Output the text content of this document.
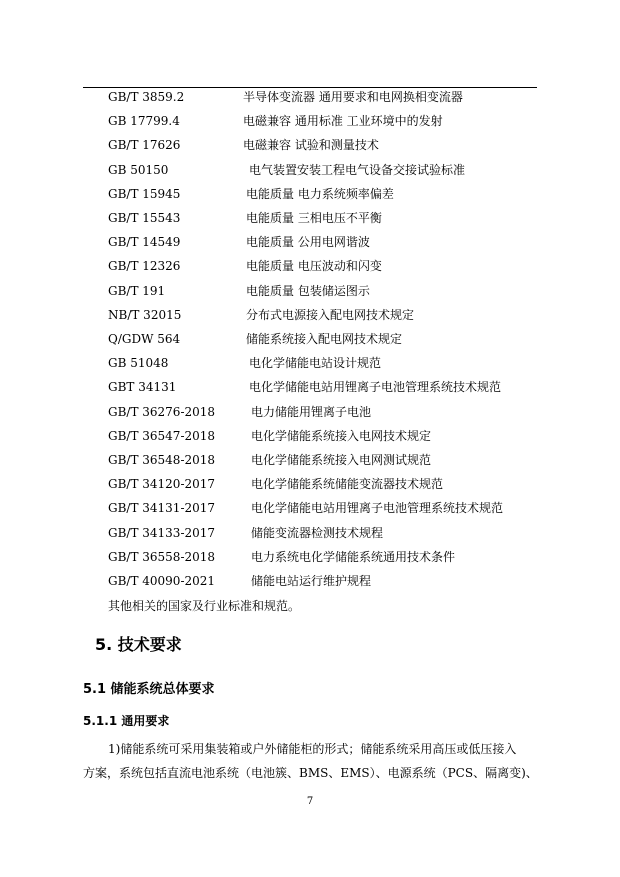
GB/T 3859.2	半导体变流器 通用要求和电网换相变流器
GB 17799.4	电磁兼容 通用标准 工业环境中的发射
GB/T 17626	电磁兼容 试验和测量技术
GB 50150	电气装置安装工程电气设备交接试验标准
GB/T 15945	电能质量 电力系统频率偏差
GB/T 15543	电能质量 三相电压不平衡
GB/T 14549	电能质量 公用电网谐波
GB/T 12326	电能质量 电压波动和闪变
GB/T 191	电能质量 包装储运图示
NB/T 32015	分布式电源接入配电网技术规定
Q/GDW 564	储能系统接入配电网技术规定
GB 51048	电化学储能电站设计规范
GBT 34131	电化学储能电站用锂离子电池管理系统技术规范
GB/T 36276-2018	电力储能用锂离子电池
GB/T 36547-2018	电化学储能系统接入电网技术规定
GB/T 36548-2018	电化学储能系统接入电网测试规范
GB/T 34120-2017	电化学储能系统储能变流器技术规范
GB/T 34131-2017	电化学储能电站用锂离子电池管理系统技术规范
GB/T 34133-2017	储能变流器检测技术规程
GB/T 36558-2018	电力系统电化学储能系统通用技术条件
GB/T 40090-2021	储能电站运行维护规程
其他相关的国家及行业标准和规范。
5. 技术要求
5.1 储能系统总体要求
5.1.1 通用要求
1)储能系统可采用集装箱或户外储能柜的形式；储能系统采用高压或低压接入
方案，系统包括直流电池系统（电池簇、BMS、EMS）、电源系统（PCS、隔离变)、
7
